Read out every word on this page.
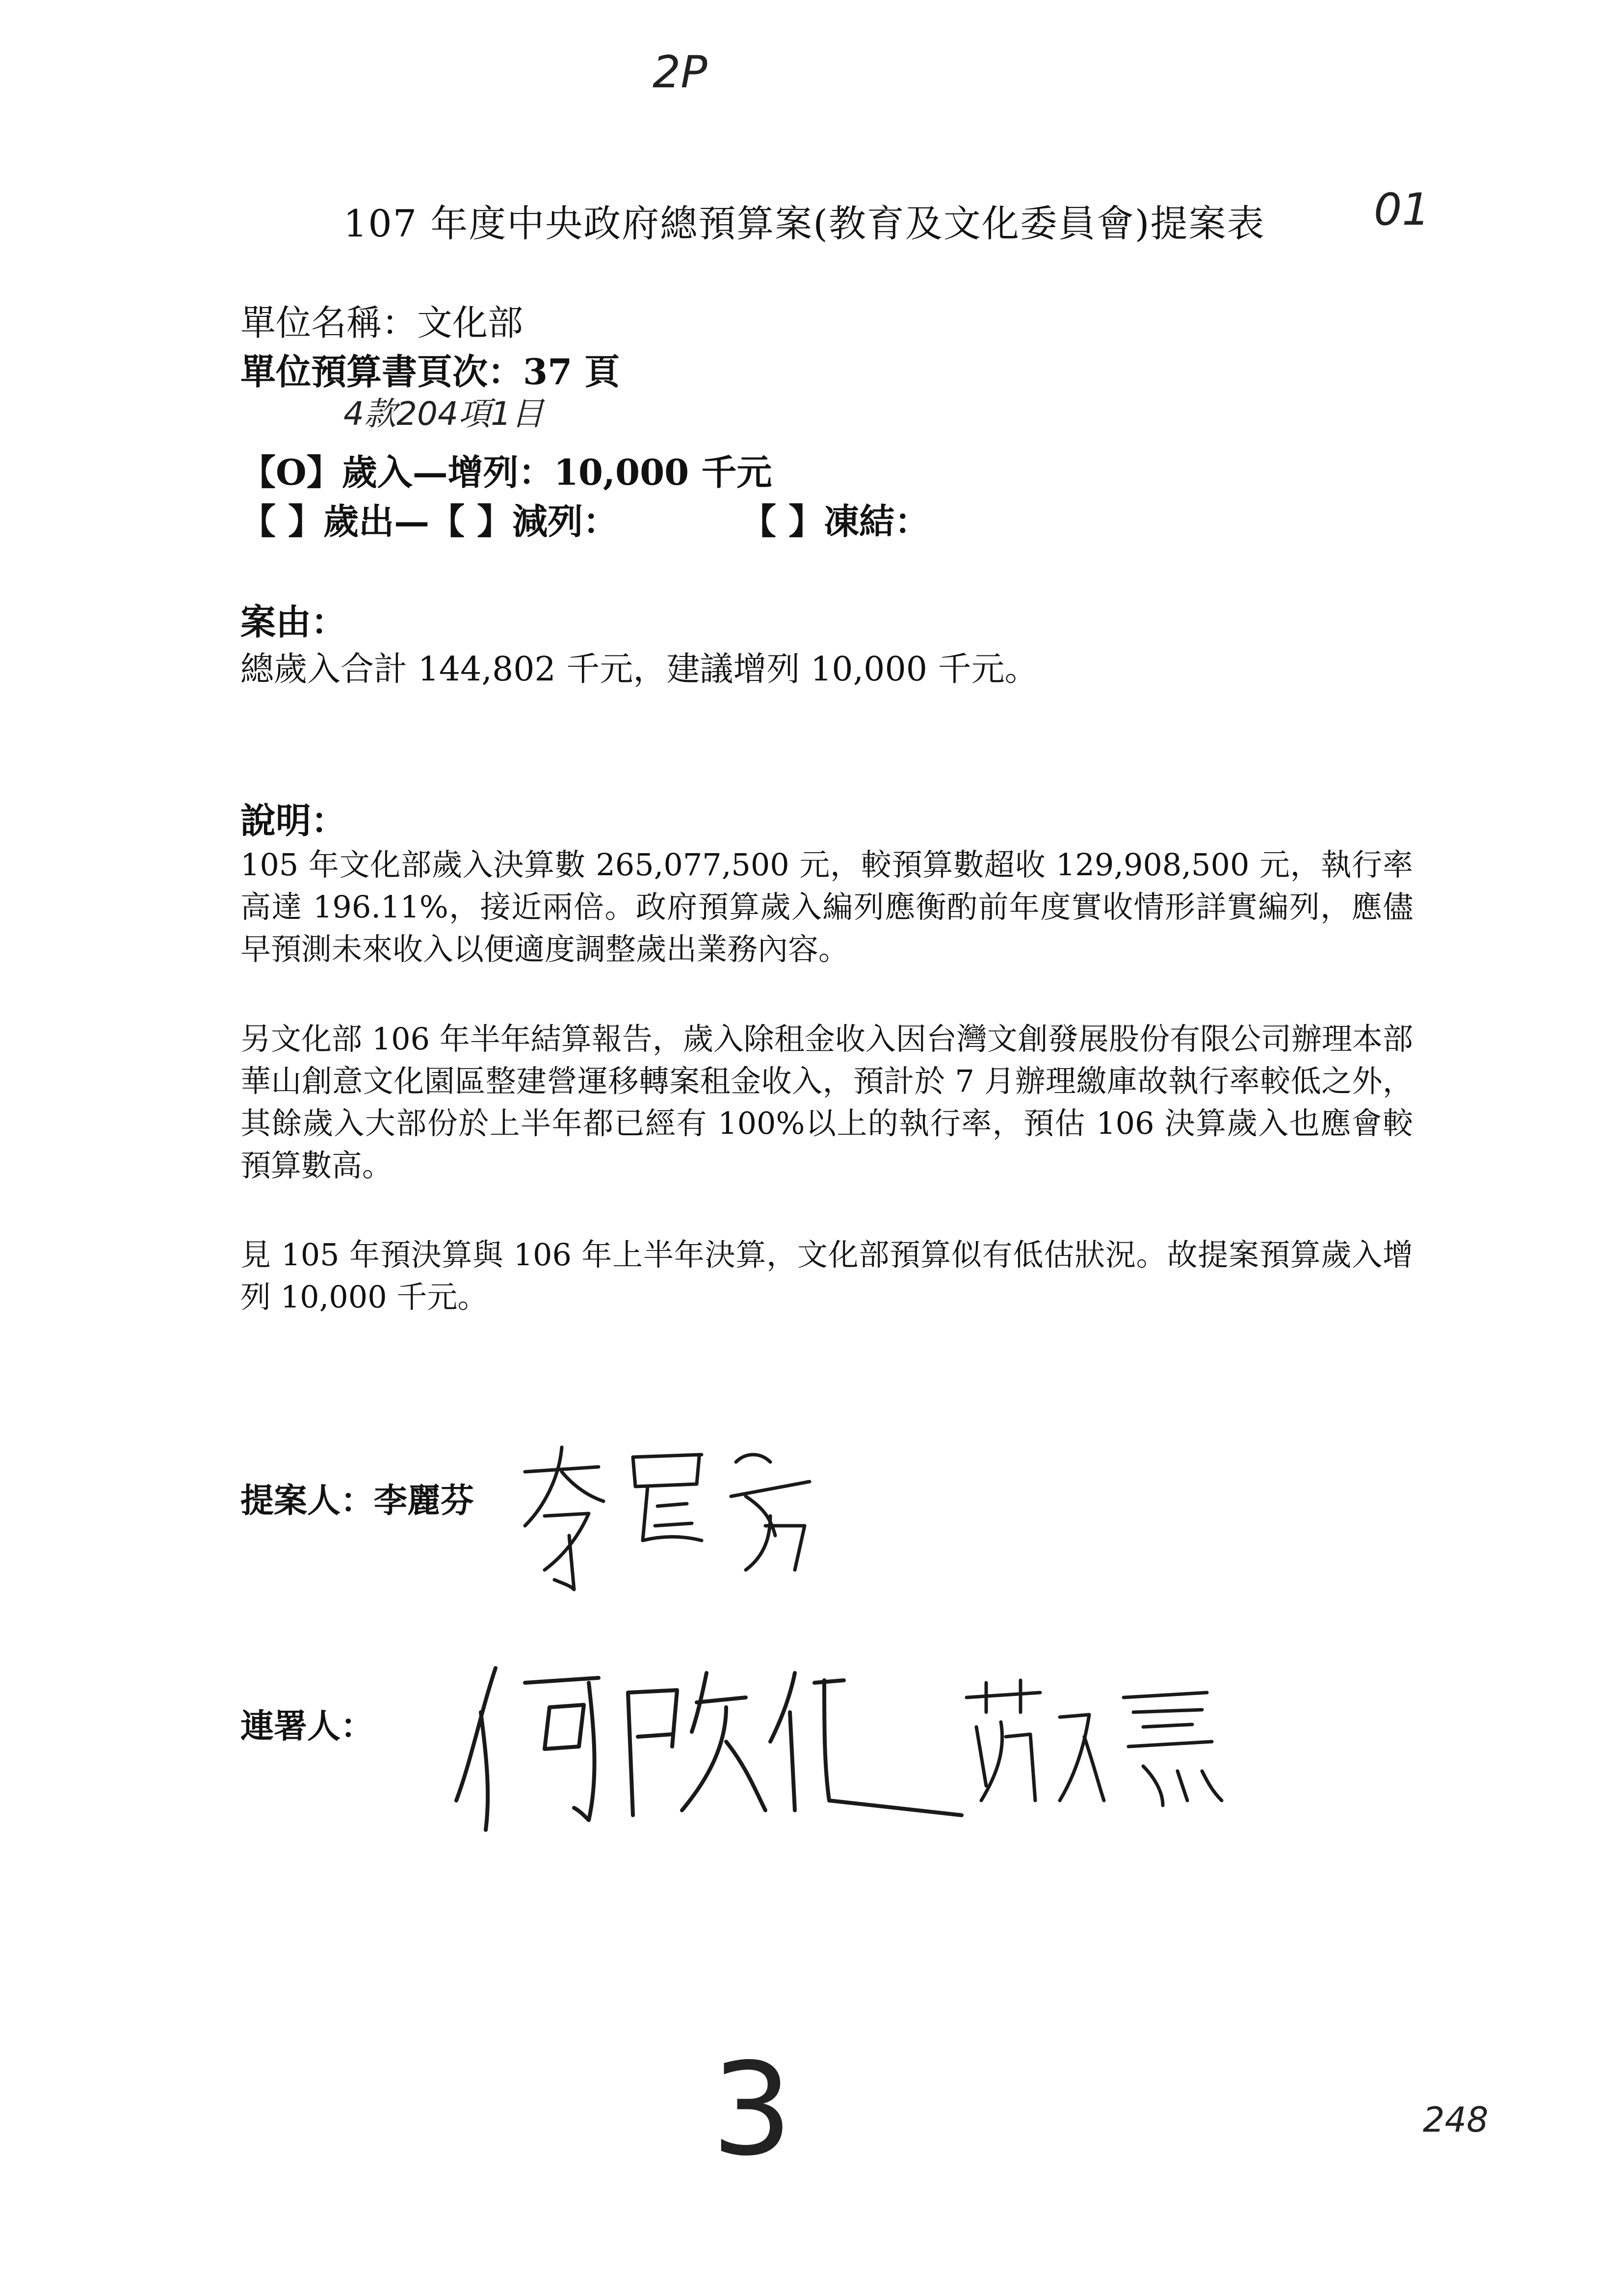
2P
01
107 年度中央政府總預算案(教育及文化委員會)提案表
單位名稱：文化部
單位預算書頁次：37 頁
4款204項1目
【O】歲入—增列：10,000 千元
【 】歲出—【 】減列：	【 】凍結：
案由：
總歲入合計 144,802 千元，建議增列 10,000 千元。
說明：

105 年文化部歲入決算數 265,077,500 元，較預算數超收 129,908,500 元，執行率高達 196.11%，接近兩倍。政府預算歲入編列應衡酌前年度實收情形詳實編列，應儘早預測未來收入以便適度調整歲出業務內容。

另文化部 106 年半年結算報告，歲入除租金收入因台灣文創發展股份有限公司辦理本部華山創意文化園區整建營運移轉案租金收入，預計於 7 月辦理繳庫故執行率較低之外，其餘歲入大部份於上半年都已經有 100%以上的執行率，預估 106 決算歲入也應會較預算數高。

見 105 年預決算與 106 年上半年決算，文化部預算似有低估狀況。故提案預算歲入增列 10,000 千元。

提案人：李麗芬
連署人：
3	248
